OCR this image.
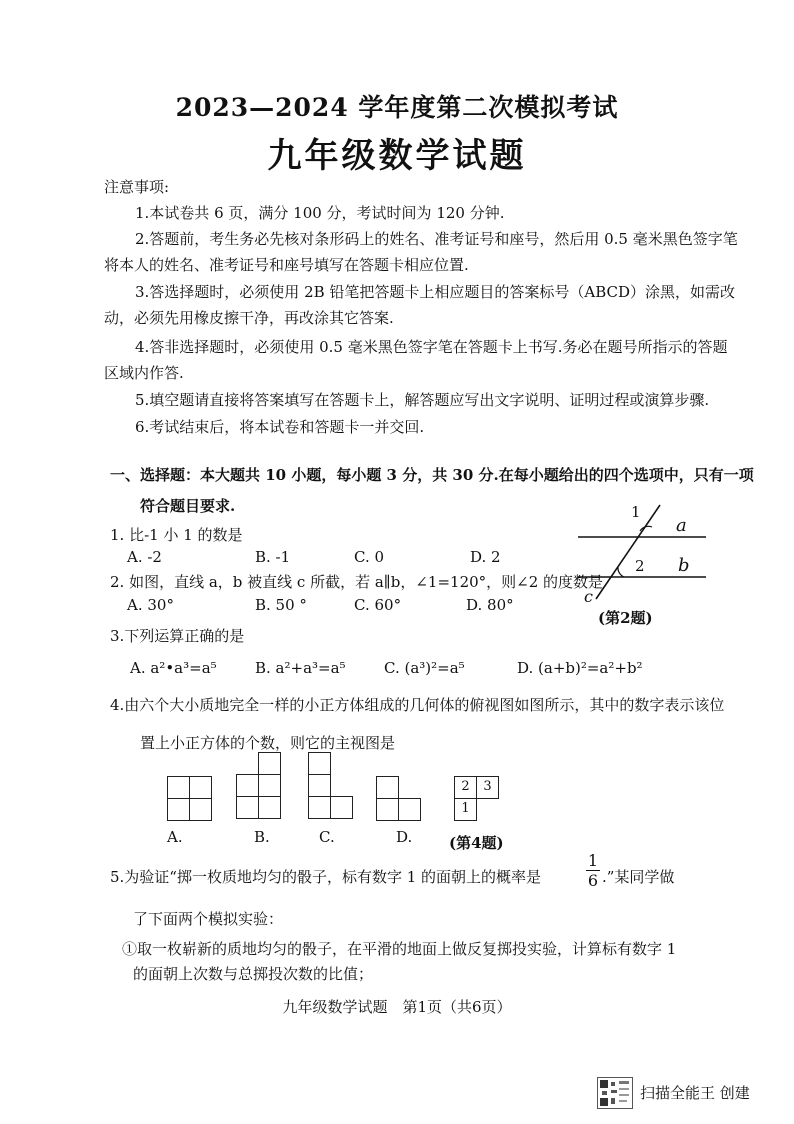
2023—2024 学年度第二次模拟考试
九年级数学试题
注意事项:
1.本试卷共 6 页，满分 100 分，考试时间为 120 分钟.
2.答题前，考生务必先核对条形码上的姓名、准考证号和座号，然后用 0.5 毫米黑色签字笔
将本人的姓名、准考证号和座号填写在答题卡相应位置.
3.答选择题时，必须使用 2B 铅笔把答题卡上相应题目的答案标号（ABCD）涂黑，如需改
动，必须先用橡皮擦干净，再改涂其它答案.
4.答非选择题时，必须使用 0.5 毫米黑色签字笔在答题卡上书写.务必在题号所指示的答题
区域内作答.
5.填空题请直接将答案填写在答题卡上，解答题应写出文字说明、证明过程或演算步骤.
6.考试结束后，将本试卷和答题卡一并交回.
一、选择题：本大题共 10 小题，每小题 3 分，共 30 分.在每小题给出的四个选项中，只有一项
符合题目要求.
1. 比-1 小 1 的数是
A. -2	B. -1	C. 0	D. 2
2. 如图，直线 a，b 被直线 c 所截，若 a∥b，∠1=120°，则∠2 的度数是
A. 30°	B. 50 °	C. 60°	D. 80°
1
2
a
b
c
(第2题)
3.下列运算正确的是
A. a²•a³=a⁵	B. a²+a³=a⁵	C. (a³)²=a⁵	D. (a+b)²=a²+b²
4.由六个大小质地完全一样的小正方体组成的几何体的俯视图如图所示，其中的数字表示该位
置上小正方体的个数，则它的主视图是
A.	B.	C.	D.
2	3
1
(第4题)
5.为验证“掷一枚质地均匀的骰子，标有数字 1 的面朝上的概率是	$\frac{1}{6}$ .”某同学做
了下面两个模拟实验：
①取一枚崭新的质地均匀的骰子，在平滑的地面上做反复掷投实验，计算标有数字 1
的面朝上次数与总掷投次数的比值；
九年级数学试题　第1页（共6页）
扫描全能王 创建
